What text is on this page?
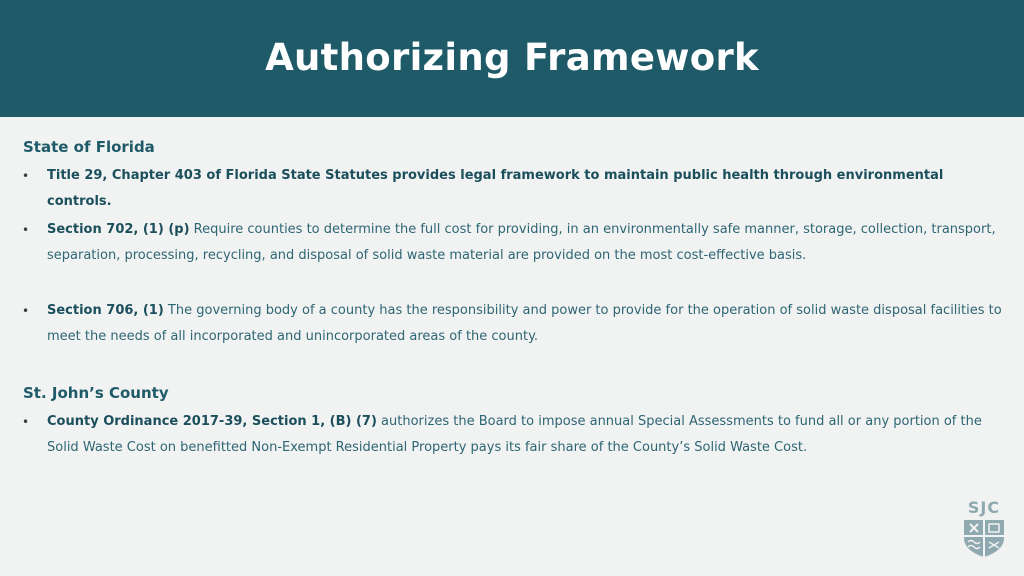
Authorizing Framework
State of Florida
• Title 29, Chapter 403 of Florida State Statutes provides legal framework to maintain public health through environmental controls.
• Section 702, (1) (p) Require counties to determine the full cost for providing, in an environmentally safe manner, storage, collection, transport, separation, processing, recycling, and disposal of solid waste material are provided on the most cost-effective basis.
• Section 706, (1) The governing body of a county has the responsibility and power to provide for the operation of solid waste disposal facilities to meet the needs of all incorporated and unincorporated areas of the county.
St. John’s County
• County Ordinance 2017-39, Section 1, (B) (7) authorizes the Board to impose annual Special Assessments to fund all or any portion of the Solid Waste Cost on benefitted Non-Exempt Residential Property pays its fair share of the County’s Solid Waste Cost.
SJC
